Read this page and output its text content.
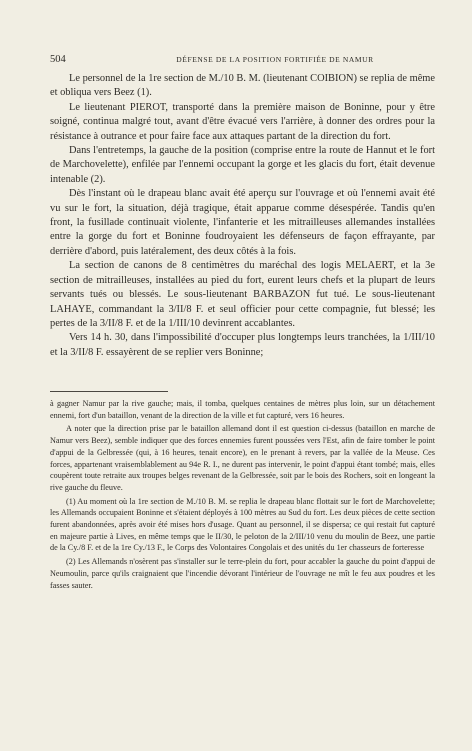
504	DÉFENSE DE LA POSITION FORTIFIÉE DE NAMUR

Le personnel de la 1re section de M./10 B. M. (lieutenant COIBION) se replia de même et obliqua vers Beez (1).

Le lieutenant PIEROT, transporté dans la première maison de Boninne, pour y être soigné, continua malgré tout, avant d'être évacué vers l'arrière, à donner des ordres pour la résistance à outrance et pour faire face aux attaques partant de la direction du fort.

Dans l'entretemps, la gauche de la position (comprise entre la route de Hannut et le fort de Marchovelette), enfilée par l'ennemi occupant la gorge et les glacis du fort, était devenue intenable (2).

Dès l'instant où le drapeau blanc avait été aperçu sur l'ouvrage et où l'ennemi avait été vu sur le fort, la situation, déjà tragique, était apparue comme désespérée. Tandis qu'en front, la fusillade continuait violente, l'infanterie et les mitrailleuses allemandes installées entre la gorge du fort et Boninne foudroyaient les défenseurs de façon effrayante, par derrière d'abord, puis latéralement, des deux côtés à la fois.

La section de canons de 8 centimètres du maréchal des logis MELAERT, et la 3e section de mitrailleuses, installées au pied du fort, eurent leurs chefs et la plupart de leurs servants tués ou blessés. Le sous-lieutenant BARBAZON fut tué. Le sous-lieutenant LAHAYE, commandant la 3/II/8 F. et seul officier pour cette compagnie, fut blessé; les pertes de la 3/II/8 F. et de la 1/III/10 devinrent accablantes.

Vers 14 h. 30, dans l'impossibilité d'occuper plus longtemps leurs tranchées, la 1/III/10 et la 3/II/8 F. essayèrent de se replier vers Boninne;

à gagner Namur par la rive gauche; mais, il tomba, quelques centaines de mètres plus loin, sur un détachement ennemi, fort d'un bataillon, venant de la direction de la ville et fut capturé, vers 16 heures.

A noter que la direction prise par le bataillon allemand dont il est question ci-dessus (bataillon en marche de Namur vers Beez), semble indiquer que des forces ennemies furent poussées vers l'Est, afin de faire tomber le point d'appui de la Gelbressée (qui, à 16 heures, tenait encore), en le prenant à revers, par la vallée de la Meuse. Ces forces, appartenant vraisemblablement au 94e R. I., ne durent pas intervenir, le point d'appui étant tombé; mais, elles coupèrent toute retraite aux troupes belges revenant de la Gelbressée, soit par le bois des Rochers, soit en longeant la rive gauche du fleuve.

(1) Au moment où la 1re section de M./10 B. M. se replia le drapeau blanc flottait sur le fort de Marchovelette; les Allemands occupaient Boninne et s'étaient déployés à 100 mètres au Sud du fort. Les deux pièces de cette section furent abandonnées, après avoir été mises hors d'usage. Quant au personnel, il se dispersa; ce qui restait fut capturé en majeure partie à Lives, en même temps que le II/30, le peloton de la 2/III/10 venu du moulin de Beez, une partie de la Cy./8 F. et de la 1re Cy./13 F., le Corps des Volontaires Congolais et des unités du 1er chasseurs de forteresse

(2) Les Allemands n'osèrent pas s'installer sur le terre-plein du fort, pour accabler la gauche du point d'appui de Neumoulin, parce qu'ils craignaient que l'incendie dévorant l'intérieur de l'ouvrage ne mît le feu aux poudres et les fasses sauter.
